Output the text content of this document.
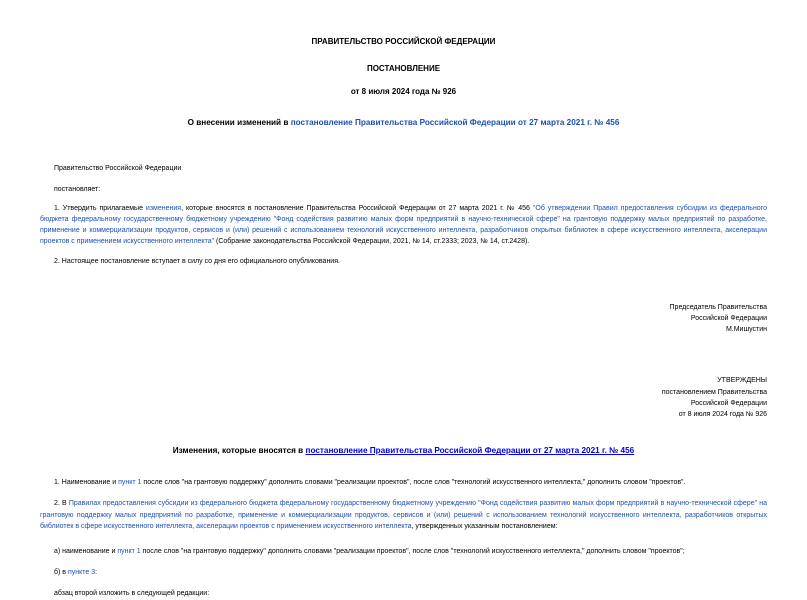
ПРАВИТЕЛЬСТВО РОССИЙСКОЙ ФЕДЕРАЦИИ
ПОСТАНОВЛЕНИЕ
от 8 июля 2024 года № 926
О внесении изменений в постановление Правительства Российской Федерации от 27 марта 2021 г. № 456

Правительство Российской Федерации

постановляет:

1. Утвердить прилагаемые изменения, которые вносятся в постановление Правительства Российской Федерации от 27 марта 2021 г. № 456 "Об утверждении Правил предоставления субсидии из федерального бюджета федеральному государственному бюджетному учреждению "Фонд содействия развитию малых форм предприятий в научно-технической сфере" на грантовую поддержку малых предприятий по разработке, применение и коммерциализации продуктов, сервисов и (или) решений с использованием технологий искусственного интеллекта, разработчиков открытых библиотек в сфере искусственного интеллекта, акселерации проектов с применением искусственного интеллекта" (Собрание законодательства Российской Федерации, 2021, № 14, ст.2333; 2023, № 14, ст.2428).

2. Настоящее постановление вступает в силу со дня его официального опубликования.

Председатель Правительства
Российской Федерации
М.Мишустин
УТВЕРЖДЕНЫ
постановлением Правительства
Российской Федерации
от 8 июля 2024 года № 926
Изменения, которые вносятся в постановление Правительства Российской Федерации от 27 марта 2021 г. № 456

1. Наименование и пункт 1 после слов "на грантовую поддержку" дополнить словами "реализации проектов", после слов "технологий искусственного интеллекта," дополнить словом "проектов".

2. В Правилах предоставления субсидии из федерального бюджета федеральному государственному бюджетному учреждению "Фонд содействия развитию малых форм предприятий в научно-технической сфере" на грантовую поддержку малых предприятий по разработке, применение и коммерциализации продуктов, сервисов и (или) решений с использованием технологий искусственного интеллекта, разработчиков открытых библиотек в сфере искусственного интеллекта, акселерации проектов с применением искусственного интеллекта, утвержденных указанным постановлением:

а) наименование и пункт 1 после слов "на грантовую поддержку" дополнить словами "реализации проектов", после слов "технологий искусственного интеллекта," дополнить словом "проектов";

б) в пункте 3:

абзац второй изложить в следующей редакции:
